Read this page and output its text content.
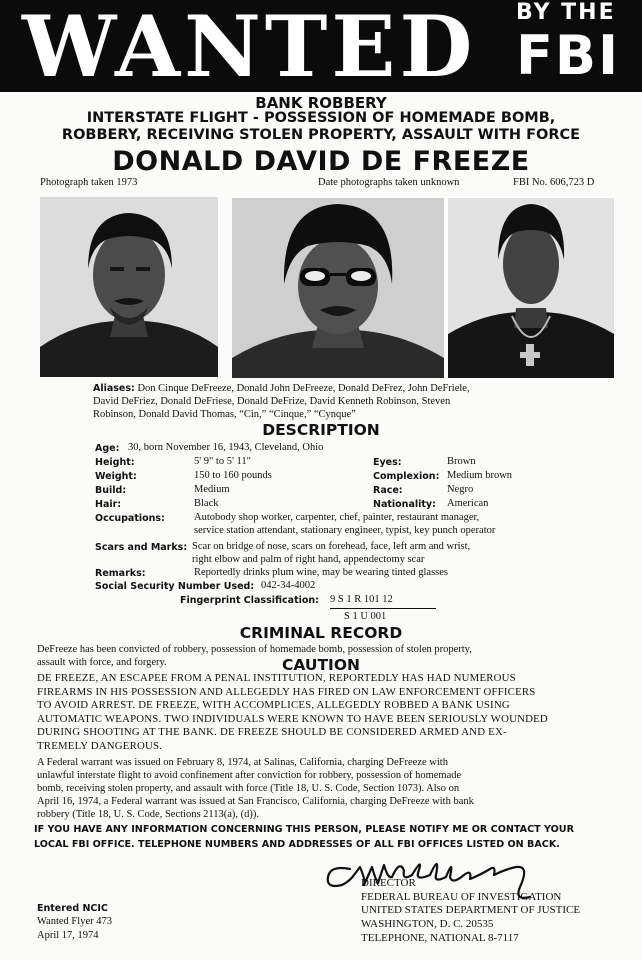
WANTED BY THE
FBI
BANK ROBBERY
INTERSTATE FLIGHT - POSSESSION OF HOMEMADE BOMB,
ROBBERY, RECEIVING STOLEN PROPERTY, ASSAULT WITH FORCE
DONALD DAVID DE FREEZE
Photograph taken 1973	Date photographs taken unknown	FBI No. 606,723 D
Aliases: Don Cinque DeFreeze, Donald John DeFreeze, Donald DeFrez, John DeFriele,
David DeFriez, Donald DeFriese, Donald DeFrize, David Kenneth Robinson, Steven
Robinson, Donald David Thomas, “Cin,” “Cinque,” “Cynque”
DESCRIPTION
Age: 30, born November 16, 1943, Cleveland, Ohio
Height:	5' 9" to 5' 11"	Eyes:	Brown
Weight:	150 to 160 pounds	Complexion: Medium brown
Build:	Medium	Race:	Negro
Hair:	Black	Nationality: American
Occupations:	Autobody shop worker, carpenter, chef, painter, restaurant manager,
service station attendant, stationary engineer, typist, key punch operator
Scars and Marks: Scar on bridge of nose, scars on forehead, face, left arm and wrist,
right elbow and palm of right hand, appendectomy scar
Remarks:	Reportedly drinks plum wine, may be wearing tinted glasses
Social Security Number Used: 042-34-4002
Fingerprint Classification: 9 S 1 R 101 12
S 1 U 001
CRIMINAL RECORD
DeFreeze has been convicted of robbery, possession of homemade bomb, possession of stolen property,
assault with force, and forgery.	CAUTION
DE FREEZE, AN ESCAPEE FROM A PENAL INSTITUTION, REPORTEDLY HAS HAD NUMEROUS
FIREARMS IN HIS POSSESSION AND ALLEGEDLY HAS FIRED ON LAW ENFORCEMENT OFFICERS
TO AVOID ARREST. DE FREEZE, WITH ACCOMPLICES, ALLEGEDLY ROBBED A BANK USING
AUTOMATIC WEAPONS. TWO INDIVIDUALS WERE KNOWN TO HAVE BEEN SERIOUSLY WOUNDED
DURING SHOOTING AT THE BANK. DE FREEZE SHOULD BE CONSIDERED ARMED AND EX-
TREMELY DANGEROUS.
A Federal warrant was issued on February 8, 1974, at Salinas, California, charging DeFreeze with
unlawful interstate flight to avoid confinement after conviction for robbery, possession of homemade
bomb, receiving stolen property, and assault with force (Title 18, U. S. Code, Section 1073). Also on
April 16, 1974, a Federal warrant was issued at San Francisco, California, charging DeFreeze with bank
robbery (Title 18, U. S. Code, Sections 2113(a), (d)).
IF YOU HAVE ANY INFORMATION CONCERNING THIS PERSON, PLEASE NOTIFY ME OR CONTACT YOUR
LOCAL FBI OFFICE. TELEPHONE NUMBERS AND ADDRESSES OF ALL FBI OFFICES LISTED ON BACK.
DIRECTOR
FEDERAL BUREAU OF INVESTIGATION
UNITED STATES DEPARTMENT OF JUSTICE
WASHINGTON, D. C. 20535
TELEPHONE, NATIONAL 8-7117
Entered NCIC
Wanted Flyer 473
April 17, 1974
